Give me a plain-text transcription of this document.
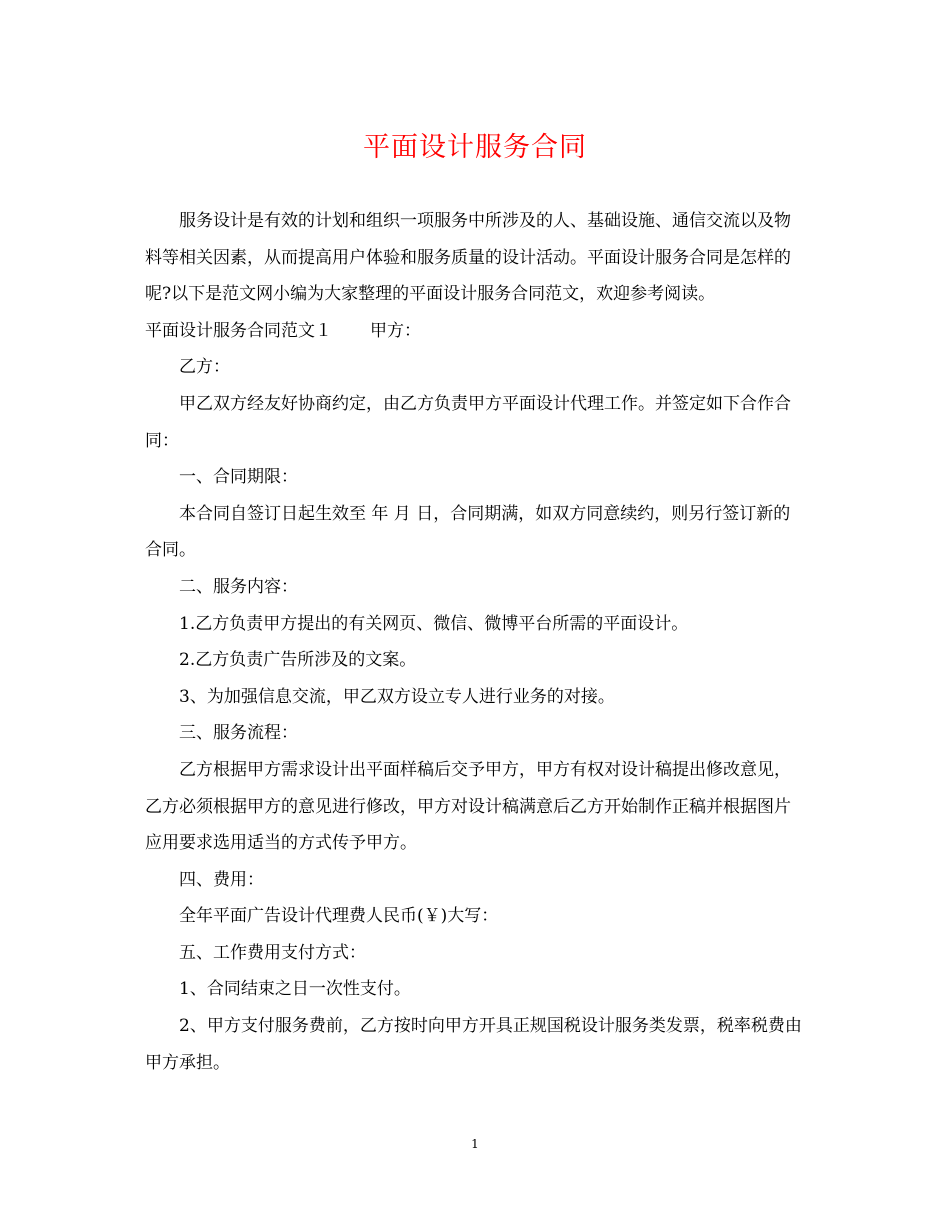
平面设计服务合同

服务设计是有效的计划和组织一项服务中所涉及的人、基础设施、通信交流以及物料等相关因素，从而提高用户体验和服务质量的设计活动。平面设计服务合同是怎样的呢?以下是范文网小编为大家整理的平面设计服务合同范文，欢迎参考阅读。

平面设计服务合同范文１ 甲方：

乙方：

甲乙双方经友好协商约定，由乙方负责甲方平面设计代理工作。并签定如下合作合同：

一、合同期限：

本合同自签订日起生效至 年 月 日，合同期满，如双方同意续约，则另行签订新的合同。

二、服务内容：

1.乙方负责甲方提出的有关网页、微信、微博平台所需的平面设计。

2.乙方负责广告所涉及的文案。

3、为加强信息交流，甲乙双方设立专人进行业务的对接。

三、服务流程：

乙方根据甲方需求设计出平面样稿后交予甲方，甲方有权对设计稿提出修改意见，乙方必须根据甲方的意见进行修改，甲方对设计稿满意后乙方开始制作正稿并根据图片应用要求选用适当的方式传予甲方。

四、费用：

全年平面广告设计代理费人民币(￥)大写：

五、工作费用支付方式：

1、合同结束之日一次性支付。

2、甲方支付服务费前，乙方按时向甲方开具正规国税设计服务类发票，税率税费由甲方承担。

1
